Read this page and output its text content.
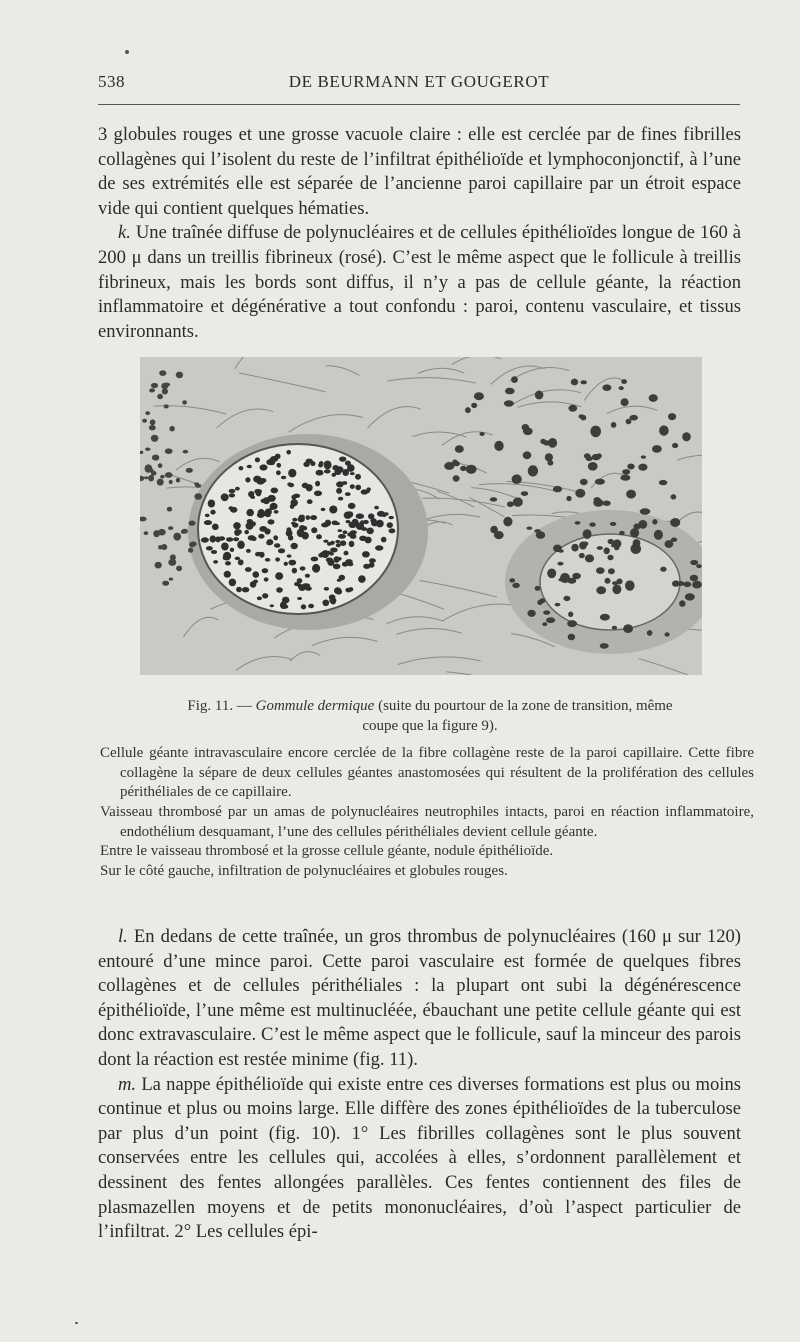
538	DE BEURMANN ET GOUGEROT

3 globules rouges et une grosse vacuole claire : elle est cerclée par de fines fibrilles collagènes qui l’isolent du reste de l’infiltrat épithélioïde et lymphoconjonctif, à l’une de ses extrémités elle est séparée de l’ancienne paroi capillaire par un étroit espace vide qui contient quelques hématies.

k. Une traînée diffuse de polynucléaires et de cellules épithélioïdes longue de 160 à 200 μ dans un treillis fibrineux (rosé). C’est le même aspect que le follicule à treillis fibrineux, mais les bords sont diffus, il n’y a pas de cellule géante, la réaction inflammatoire et dégénérative a tout confondu : paroi, contenu vasculaire, et tissus environnants.

Fig. 11. — Gommule dermique (suite du pourtour de la zone de transition, même
coupe que la figure 9).

Cellule géante intravasculaire encore cerclée de la fibre collagène reste de la paroi capillaire. Cette fibre collagène la sépare de deux cellules géantes anastomosées qui résultent de la prolifération des cellules périthéliales de ce capillaire.

Vaisseau thrombosé par un amas de polynucléaires neutrophiles intacts, paroi en réaction inflammatoire, endothélium desquamant, l’une des cellules périthéliales devient cellule géante.

Entre le vaisseau thrombosé et la grosse cellule géante, nodule épithélioïde.

Sur le côté gauche, infiltration de polynucléaires et globules rouges.

l. En dedans de cette traînée, un gros thrombus de polynucléaires (160 μ sur 120) entouré d’une mince paroi. Cette paroi vasculaire est formée de quelques fibres collagènes et de cellules périthéliales : la plupart ont subi la dégénérescence épithélioïde, l’une même est multinucléée, ébauchant une petite cellule géante qui est donc extravasculaire. C’est le même aspect que le follicule, sauf la minceur des parois dont la réaction est restée minime (fig. 11).

m. La nappe épithélioïde qui existe entre ces diverses formations est plus ou moins continue et plus ou moins large. Elle diffère des zones épithélioïdes de la tuberculose par plus d’un point (fig. 10). 1° Les fibrilles collagènes sont le plus souvent conservées entre les cellules qui, accolées à elles, s’ordonnent parallèlement et dessinent des fentes allongées parallèles. Ces fentes contiennent des files de plasmazellen moyens et de petits mononucléaires, d’où l’aspect particulier de l’infiltrat. 2° Les cellules épi-
